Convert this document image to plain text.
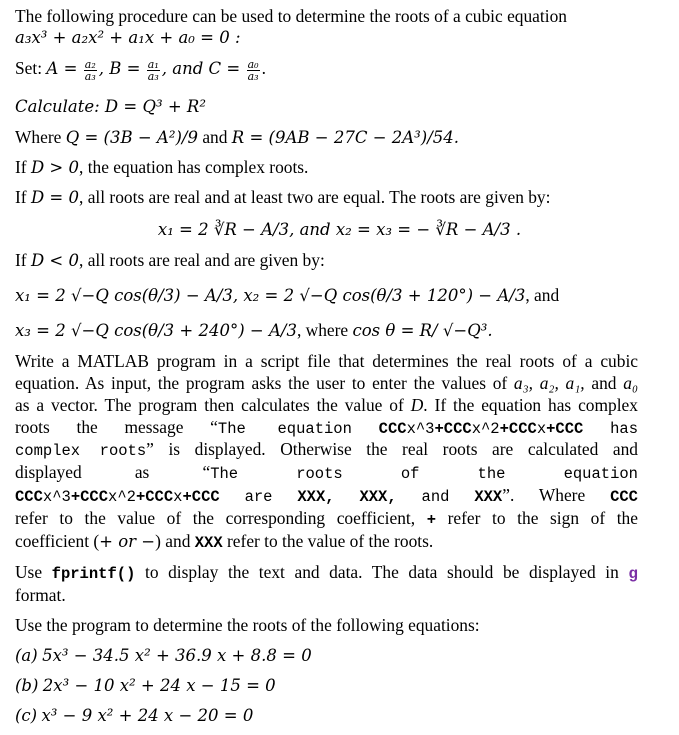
The following procedure can be used to determine the roots of a cubic equation
a₃x³ + a₂x² + a₁x + a₀ = 0 :
Set: $A = \frac{\text{a₂}}{\text{a₃}}$ , $B = \frac{\text{a₁}}{\text{a₃}}$ , and $C = \frac{\text{a₀}}{\text{a₃}}$ .
Calculate: D = Q³ + R²
Where Q = (3B − A²)/9 and R = (9AB − 27C − 2A³)/54.
If D > 0, the equation has complex roots.
If D = 0, all roots are real and at least two are equal. The roots are given by:
x₁ = 2 ∛R − A/3, and x₂ = x₃ = − ∛R − A/3 .
If D < 0, all roots are real and are given by:
x₁ = 2 √−Q cos(θ/3) − A/3, x₂ = 2 √−Q cos(θ/3 + 120°) − A/3, and
x₃ = 2 √−Q cos(θ/3 + 240°) − A/3, where cos θ = R/ √−Q³.
Write a MATLAB program in a script file that determines the real roots of a cubic
equation. As input, the program asks the user to enter the values of a₃, a₂, a₁, and a₀
as a vector. The program then calculates the value of D. If the equation has complex
roots the message “The equation CCCx^3+CCCx^2+CCCx+CCC has
complex roots” is displayed. Otherwise the real roots are calculated and
displayed as “The roots of the equation
CCCx^3+CCCx^2+CCCx+CCC are XXX, XXX, and XXX”. Where CCC
refer to the value of the corresponding coefficient, + refer to the sign of the
coefficient (+ or −) and XXX refer to the value of the roots.
Use fprintf() to display the text and data. The data should be displayed in g
format.
Use the program to determine the roots of the following equations:
(a) 5x³ − 34.5 x² + 36.9 x + 8.8 = 0
(b) 2x³ − 10 x² + 24 x − 15 = 0
(c) x³ − 9 x² + 24 x − 20 = 0
